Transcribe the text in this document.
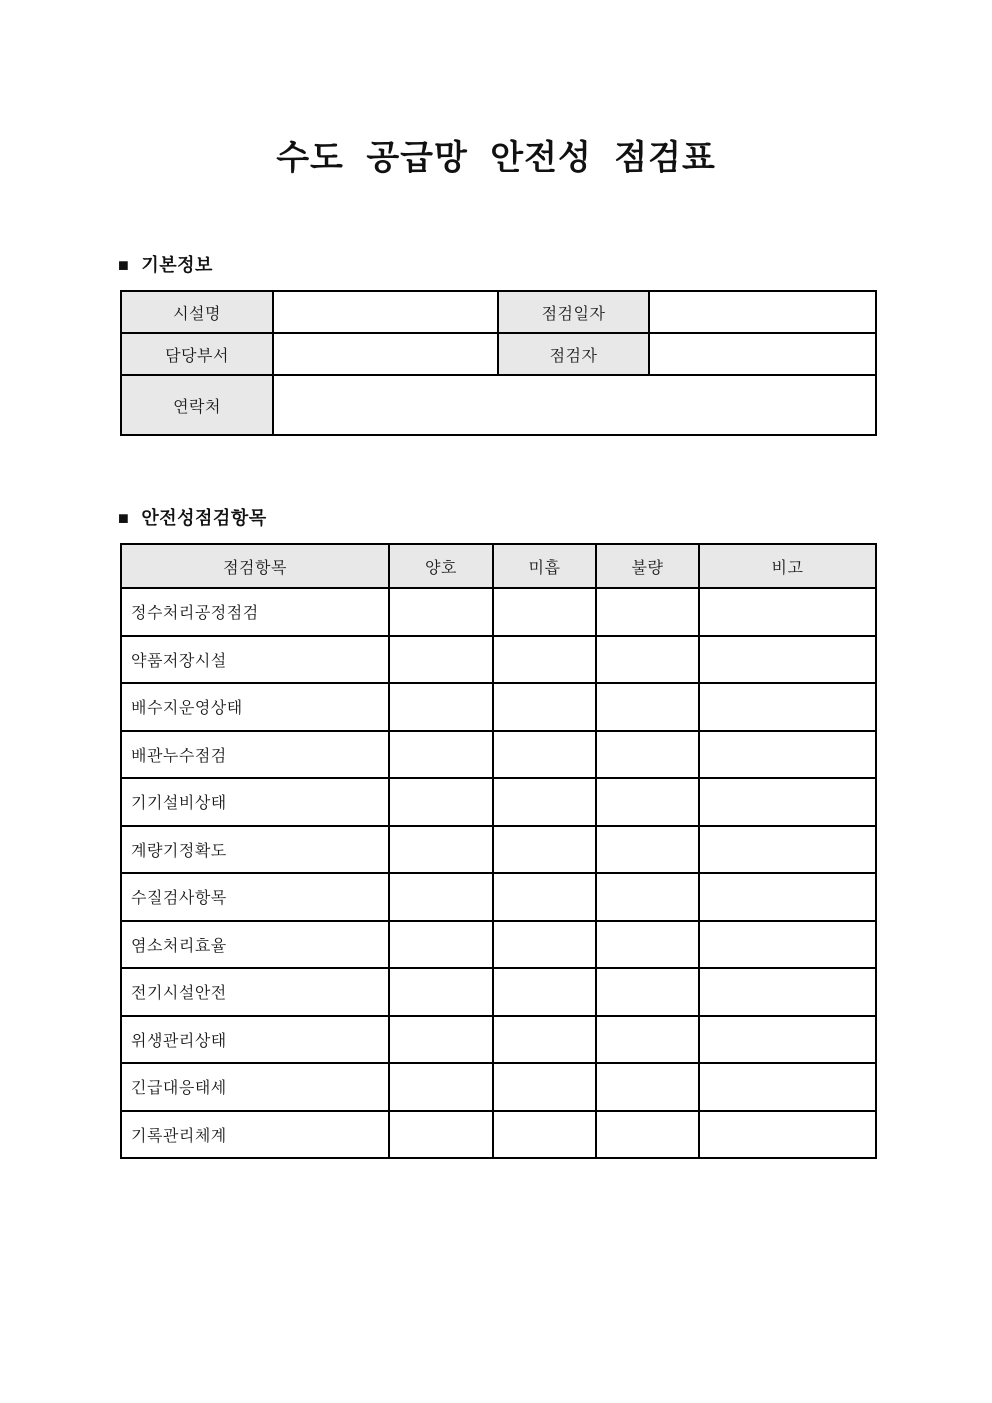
수도 공급망 안전성 점검표
■ 기본정보
시설명		점검일자	
담당부서		점검자	
연락처			
■ 안전성점검항목
점검항목	양호	미흡	불량	비고
정수처리공정점검				
약품저장시설				
배수지운영상태				
배관누수점검				
기기설비상태				
계량기정확도				
수질검사항목				
염소처리효율				
전기시설안전				
위생관리상태				
긴급대응태세				
기록관리체계				
